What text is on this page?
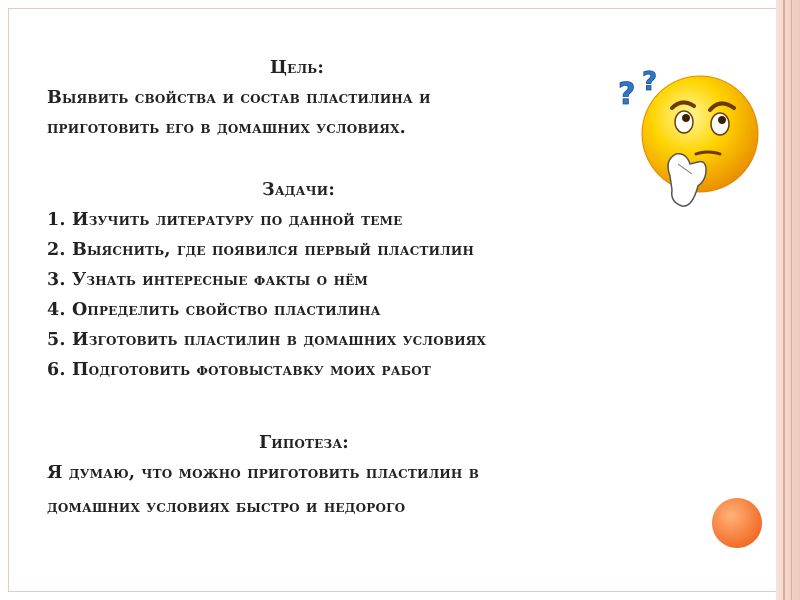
Цель:
Выявить свойства и состав пластилина и
приготовить его в домашних условиях.
Задачи:
1. Изучить литературу по данной теме
2. Выяснить, где появился первый пластилин
3. Узнать интересные факты о нём
4. Определить свойство пластилина
5. Изготовить пластилин в домашних условиях
6. Подготовить фотовыставку моих работ
Гипотеза:
Я думаю, что можно приготовить пластилин в
домашних условиях быстро и недорого
? ?
